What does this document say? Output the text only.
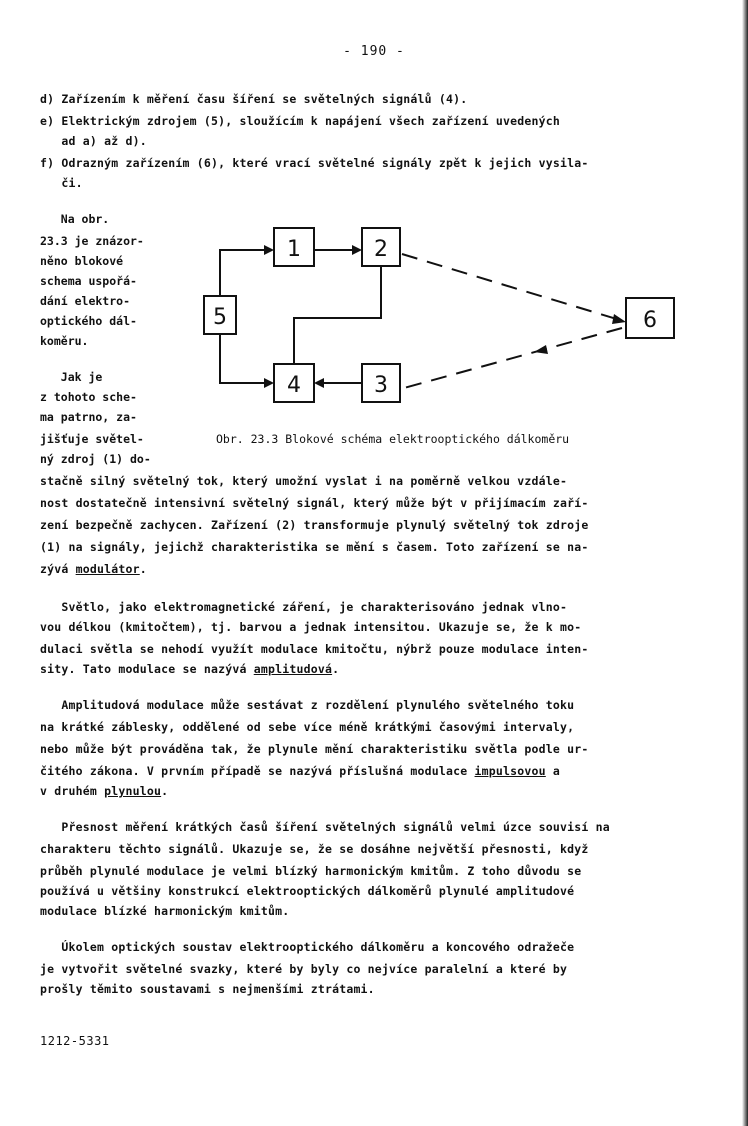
- 190 -
d) Zařízením k měření času šíření se světelných signálů (4).
e) Elektrickým zdrojem (5), sloužícím k napájení všech zařízení uvedených
ad a) až d).
f) Odrazným zařízením (6), které vrací světelné signály zpět k jejich vysila-
či.
Na obr.
23.3 je znázor-
něno blokové
schema uspořá-
dání elektro-
optického dál-
koměru.
Jak je
z tohoto sche-
ma patrno, za-
jišťuje světel-
ný zdroj (1) do-
5
1	2
4	3
6
Obr. 23.3 Blokové schéma elektrooptického dálkoměru
stačně silný světelný tok, který umožní vyslat i na poměrně velkou vzdále-
nost dostatečně intensivní světelný signál, který může být v přijímacím zaří-
zení bezpečně zachycen. Zařízení (2) transformuje plynulý světelný tok zdroje
(1) na signály, jejichž charakteristika se mění s časem. Toto zařízení se na-
zývá modulátor.
Světlo, jako elektromagnetické záření, je charakterisováno jednak vlno-
vou délkou (kmitočtem), tj. barvou a jednak intensitou. Ukazuje se, že k mo-
dulaci světla se nehodí využít modulace kmitočtu, nýbrž pouze modulace inten-
sity. Tato modulace se nazývá amplitudová.
Amplitudová modulace může sestávat z rozdělení plynulého světelného toku
na krátké záblesky, oddělené od sebe více méně krátkými časovými intervaly,
nebo může být prováděna tak, že plynule mění charakteristiku světla podle ur-
čitého zákona. V prvním případě se nazývá příslušná modulace impulsovou a
v druhém plynulou.
Přesnost měření krátkých časů šíření světelných signálů velmi úzce souvisí na
charakteru těchto signálů. Ukazuje se, že se dosáhne největší přesnosti, když
průběh plynulé modulace je velmi blízký harmonickým kmitům. Z toho důvodu se
používá u většiny konstrukcí elektrooptických dálkoměrů plynulé amplitudové
modulace blízké harmonickým kmitům.
Úkolem optických soustav elektrooptického dálkoměru a koncového odražeče
je vytvořit světelné svazky, které by byly co nejvíce paralelní a které by
prošly těmito soustavami s nejmenšími ztrátami.
1212-5331
